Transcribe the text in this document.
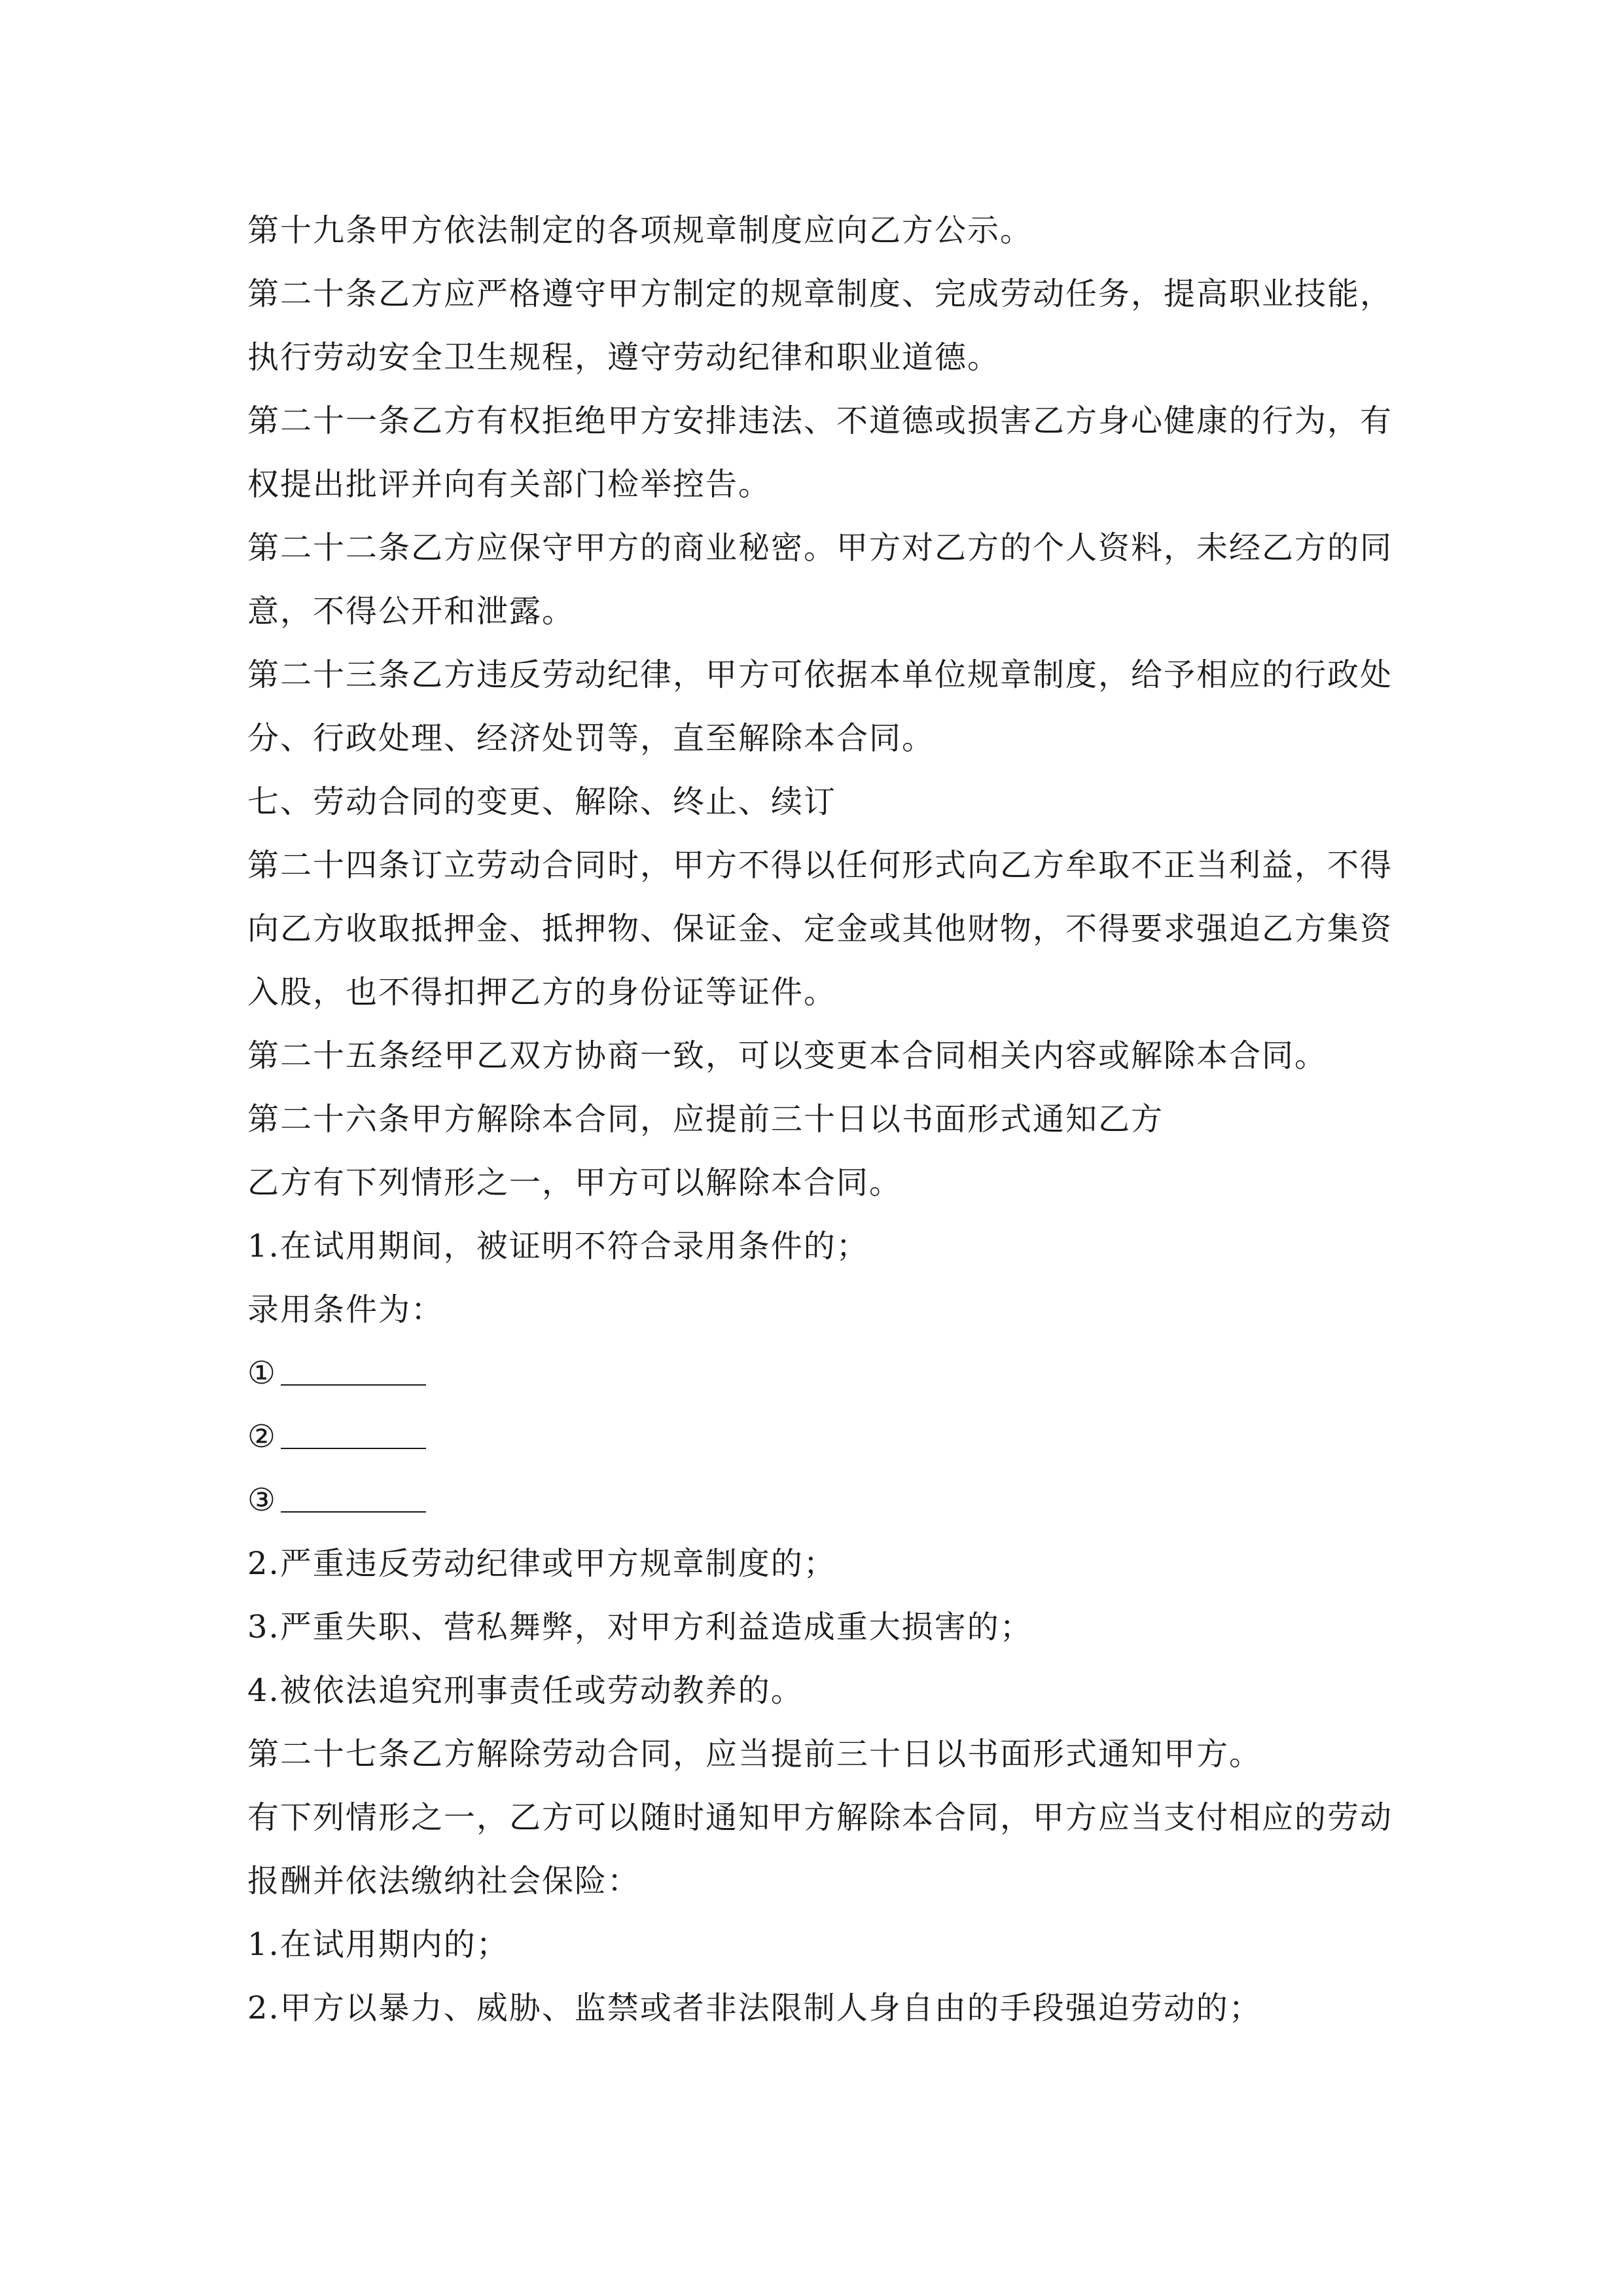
第十九条甲方依法制定的各项规章制度应向乙方公示。
第二十条乙方应严格遵守甲方制定的规章制度、完成劳动任务，提高职业技能，
执行劳动安全卫生规程，遵守劳动纪律和职业道德。
第二十一条乙方有权拒绝甲方安排违法、不道德或损害乙方身心健康的行为，有
权提出批评并向有关部门检举控告。
第二十二条乙方应保守甲方的商业秘密。甲方对乙方的个人资料，未经乙方的同
意，不得公开和泄露。
第二十三条乙方违反劳动纪律，甲方可依据本单位规章制度，给予相应的行政处
分、行政处理、经济处罚等，直至解除本合同。
七、劳动合同的变更、解除、终止、续订
第二十四条订立劳动合同时，甲方不得以任何形式向乙方牟取不正当利益，不得
向乙方收取抵押金、抵押物、保证金、定金或其他财物，不得要求强迫乙方集资
入股，也不得扣押乙方的身份证等证件。
第二十五条经甲乙双方协商一致，可以变更本合同相关内容或解除本合同。
第二十六条甲方解除本合同，应提前三十日以书面形式通知乙方
乙方有下列情形之一，甲方可以解除本合同。
1.在试用期间，被证明不符合录用条件的；
录用条件为：
①
②
③
2.严重违反劳动纪律或甲方规章制度的；
3.严重失职、营私舞弊，对甲方利益造成重大损害的；
4.被依法追究刑事责任或劳动教养的。
第二十七条乙方解除劳动合同，应当提前三十日以书面形式通知甲方。
有下列情形之一，乙方可以随时通知甲方解除本合同，甲方应当支付相应的劳动
报酬并依法缴纳社会保险：
1.在试用期内的；
2.甲方以暴力、威胁、监禁或者非法限制人身自由的手段强迫劳动的；
